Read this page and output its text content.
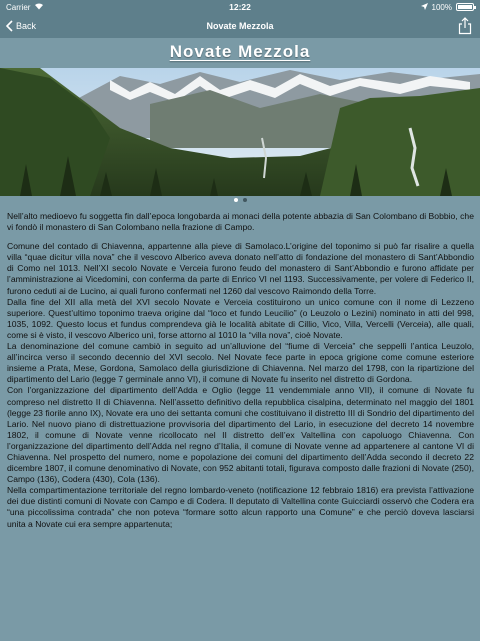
Carrier	12:22	100%
Back	Novate Mezzola
Novate Mezzola

Nell’alto medioevo fu soggetta fin dall’epoca longobarda ai monaci della potente abbazia di San Colombano di Bobbio, che vi fondò il monastero di San Colombano nella frazione di Campo.

Comune del contado di Chiavenna, appartenne alla pieve di Samolaco.L’origine del toponimo si può far risalire a quella villa “quae dicitur villa nova” che il vescovo Alberico aveva donato nell’atto di fondazione del monastero di Sant’Abbondio di Como nel 1013. Nell’XI secolo Novate e Verceia furono feudo del monastero di Sant’Abbondio e furono affidate per l’amministrazione ai Vicedomini, con conferma da parte di Enrico VI nel 1193. Successivamente, per volere di Federico II, furono ceduti ai de Lucino, ai quali furono confermati nel 1260 dal vescovo Raimondo della Torre.

Dalla fine del XII alla metà del XVI secolo Novate e Verceia costituirono un unico comune con il nome di Lezzeno superiore. Quest’ultimo toponimo traeva origine dal “loco et fundo Leucilio” (o Leuzolo o Lezini) nominato in atti del 998, 1035, 1092. Questo locus et fundus comprendeva già le località abitate di Cillio, Vico, Villa, Vercelli (Verceia), alle quali, come si è visto, il vescovo Alberico unì, forse attorno al 1010 la “villa nova”, cioè Novate.

La denominazione del comune cambiò in seguito ad un’alluvione del “fiume di Verceia” che seppellì l’antica Leuzolo, all’incirca verso il secondo decennio del XVI secolo. Nel Novate fece parte in epoca grigione come comune esteriore insieme a Prata, Mese, Gordona, Samolaco della giurisdizione di Chiavenna. Nel marzo del 1798, con la ripartizione del dipartimento del Lario (legge 7 germinale anno VI), il comune di Novate fu inserito nel distretto di Gordona.

Con l’organizzazione del dipartimento dell’Adda e Oglio (legge 11 vendemmiale anno VII), il comune di Novate fu compreso nel distretto II di Chiavenna. Nell’assetto definitivo della repubblica cisalpina, determinato nel maggio del 1801 (legge 23 fiorile anno IX), Novate era uno dei settanta comuni che costituivano il distretto III di Sondrio del dipartimento del Lario. Nel nuovo piano di distrettuazione provvisoria del dipartimento del Lario, in esecuzione del decreto 14 novembre 1802, il comune di Novate venne ricollocato nel II distretto dell’ex Valtellina con capoluogo Chiavenna. Con l’organizzazione del dipartimento dell’Adda nel regno d’Italia, il comune di Novate venne ad appartenere al cantone VI di Chiavenna. Nel prospetto del numero, nome e popolazione dei comuni del dipartimento dell’Adda secondo il decreto 22 dicembre 1807, il comune denominativo di Novate, con 952 abitanti totali, figurava composto dalle frazioni di Novate (250), Campo (136), Codera (430), Cola (136).

Nella compartimentazione territoriale del regno lombardo-veneto (notificazione 12 febbraio 1816) era prevista l’attivazione dei due distinti comuni di Novate con Campo e di Codera. Il deputato di Valtellina conte Guicciardi osservò che Codera era “una piccolissima contrada” che non poteva “formare sotto alcun rapporto una Comune” e che perciò doveva lasciarsi unita a Novate cui era sempre appartenuta;
